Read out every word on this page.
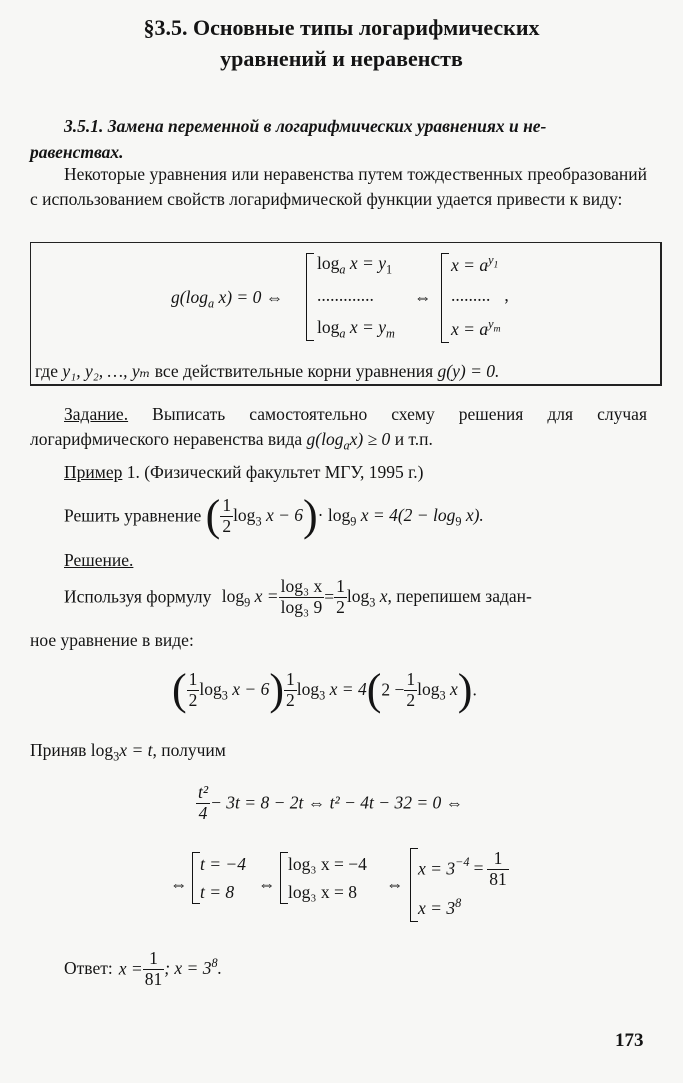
§3.5. Основные типы логарифмических
уравнений и неравенств
3.5.1. Замена переменной в логарифмических уравнениях и не-
равенствах.
Некоторые уравнения или неравенства путем тождественных преобразований с использованием свойств логарифмической функции удается привести к виду:
$g(\log_a$ x) = 0 ⇔
$\log_a x = y_1$
.............
$\log_a x = y_m$
⇔
$x = a^{y_1}$
......... ,
$x = a^{y_m}$
где y₁, y₂, …, yₘ все действительные корни уравнения g(y) = 0.
Задание. Выписать самостоятельно схему решения для случая логарифмического неравенства вида $g(\log_ax) \ge 0$ и т.п.
Пример 1. (Физический факультет МГУ, 1995 г.)
Решить уравнение ( $\frac{1}{2} \log_3 x - 6)\cdot \log_9 x = 4(2 - \log_9 x)$.
Решение.
Используя формулу $\log_9 x = \frac{\text{log₃ x}}{\text{log₃ 9}} = \frac{1}{2} \log_3 x$, перепишем задан-
ное уравнение в виде:
( $\frac{1}{2} \log_3 x - 6) \frac{1}{2} \log_3 x = 4(2 - \frac{1}{2} \log_3 x)$.
Приняв $\log_3x = t$, получим
$\frac{\text{t²}}{4} - 3t = 8 - 2t$ ⇔ t² − 4t − 32 = 0 ⇔
⇔
t = −4
t = 8 ⇔
log₃ x = −4
log₃ x = 8 ⇔
$x = 3^{-4} = \frac{1}{81}$
$x = 3^8$
Ответ: $x = \frac{1}{81}$ ; $x = 3^8$.
173
